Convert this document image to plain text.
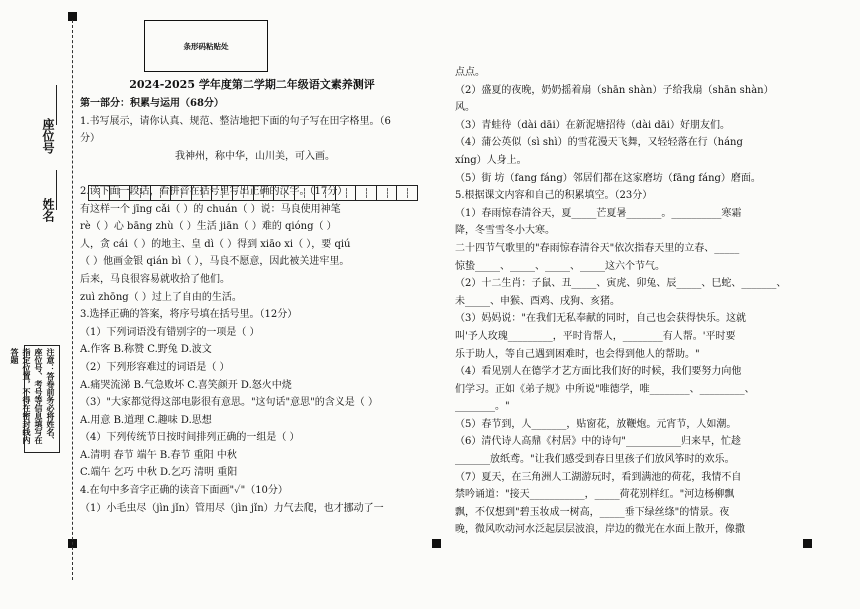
座位号
姓名
注意：答卷前务必将姓名、座位号、考号等信息填写在指定位置，不得在密封线内答题
条形码粘贴处
2024-2025 学年度第二学期二年级语文素养测评
第一部分：积累与运用（68分）
1.书写展示，请你认真、规范、整洁地把下面的句子写在田字格里。（6
分）
我神州，称中华，山川美，可入画。
2.读下面一段话，看拼音在括号里写出正确的汉字。（17分）
有这样一个 jīng cǎi（ ）的 chuán（ ）说：马良使用神笔
rè（ ）心 bāng zhù（ ）生活 jiān（ ）难的 qióng（ ）
人，贪 cái（ ）的地主、皇 dì（ ）得到 xiāo xi（ ），要 qiú
（ ）他画金银 qián bì（ ），马良不愿意，因此被关进牢里。
后来，马良很容易就收拾了他们。
zuì zhōng（ ）过上了自由的生活。
3.选择正确的答案，将序号填在括号里。（12分）
（1）下列词语没有错别字的一项是（ ）
A.作客 B.称赞 C.野兔 D.波文
（2）下列形容难过的词语是（ ）
A.痛哭流涕 B.气急败坏 C.喜笑颜开 D.怒火中烧
（3）"大家都觉得这部电影很有意思。"这句话"意思"的含义是（ ）
A.用意 B.道理 C.趣味 D.思想
（4）下列传统节日按时间排列正确的一组是（ ）
A.清明 春节 端午 B.春节 重阳 中秋
C.端午 乞巧 中秋 D.乞巧 清明 重阳
4.在句中多音字正确的读音下面画"✓"（10分）
（1）小毛虫尽（jìn jǐn）管用尽（jìn jǐn）力气去爬，也才挪动了一
点点。
（2）盛夏的夜晚，奶奶摇着扇（shān shàn）子给我扇（shān shàn）
风。
（3）青蛙待（dài dāi）在新泥塘招待（dài dāi）好朋友们。
（4）蒲公英似（sì shì）的雪花漫天飞舞，又轻轻落在行（háng
xíng）人身上。
（5）街 坊（fang fáng）邻居们都在这家磨坊（fāng fáng）磨面。
5.根据课文内容和自己的积累填空。（23分）
（1）春雨惊春清谷天，夏_____芒夏暑_______。__________寒霜
降，冬雪雪冬小大寒。
二十四节气歌里的"春雨惊春清谷天"依次指春天里的立春、_____
惊蛰_____、_____、_____、_____这六个节气。
（2）十二生肖：子鼠、丑_____、寅虎、卯兔、辰_____、巳蛇、_______、
未_____、申猴、酉鸡、戌狗、亥猪。
（3）妈妈说："在我们无私奉献的同时，自己也会获得快乐。这就
叫'予人玫瑰_________，平时肯帮人，________有人帮。'平时要
乐于助人，等自己遇到困难时，也会得到他人的帮助。"
（4）看见别人在德学才艺方面比我们好的时候，我们要努力向他
们学习。正如《弟子规》中所说"唯德学，唯________、_________、
________。"
（5）春节到，人_______，贴窗花，放鞭炮。元宵节，人如潮。
（6）清代诗人高鼎《村居》中的诗句"___________归来早，忙趁
_______放纸鸢。"让我们感受到春日里孩子们放风筝时的欢乐。
（7）夏天，在三角洲人工湖游玩时，看到满池的荷花，我情不自
禁吟诵道："接天___________，_____荷花别样红。"河边杨柳飘
飘，不仅想到"碧玉妆成一树高，_____垂下绿丝绦"的情景。夜
晚，微风吹动河水泛起层层波浪，岸边的微光在水面上散开，像撒
